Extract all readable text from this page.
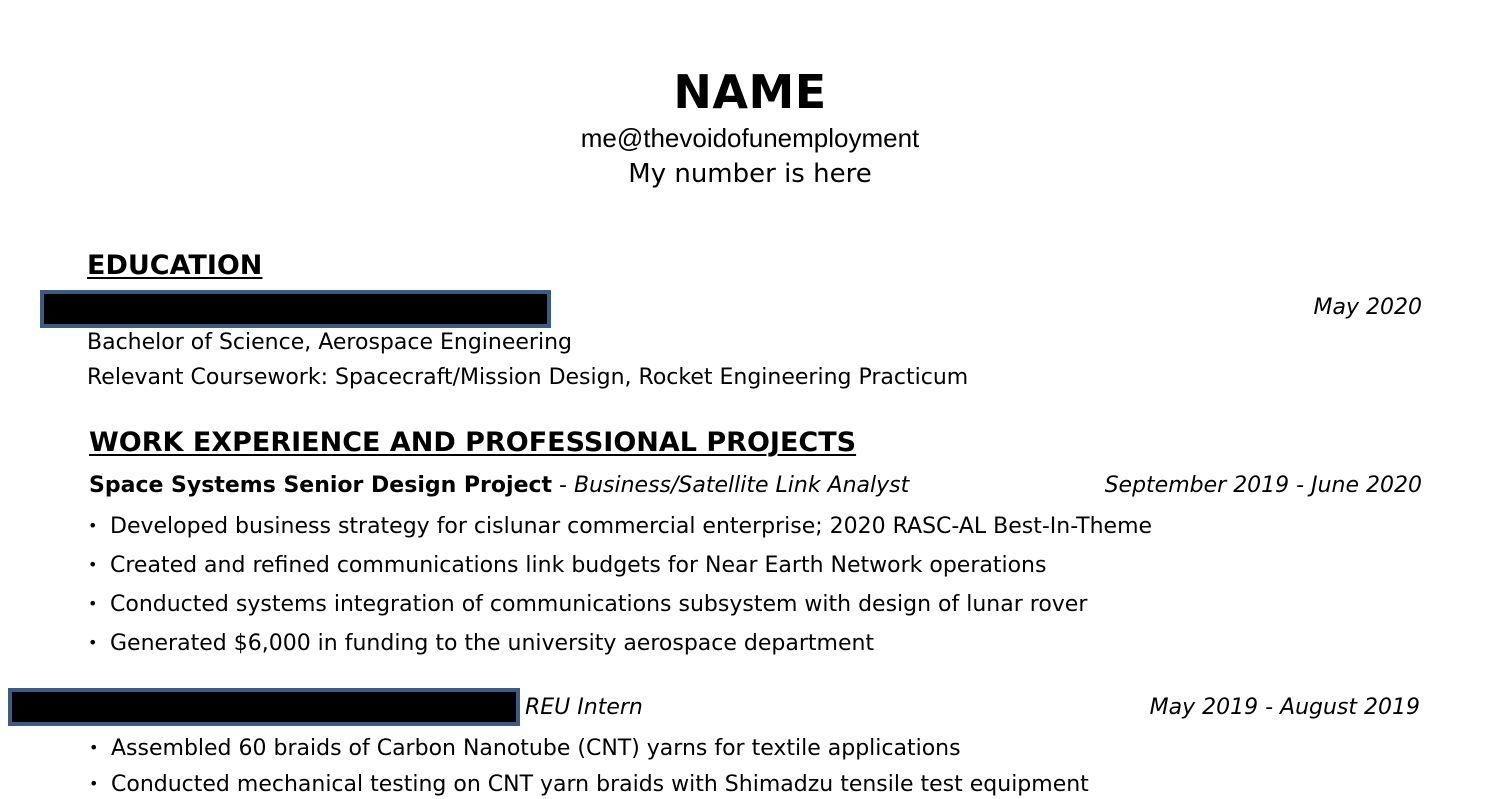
NAME
me@thevoidofunemployment
My number is here
EDUCATION
May 2020
Bachelor of Science, Aerospace Engineering
Relevant Coursework: Spacecraft/Mission Design, Rocket Engineering Practicum
WORK EXPERIENCE AND PROFESSIONAL PROJECTS
Space Systems Senior Design Project - Business/Satellite Link Analyst	September 2019 - June 2020
• Developed business strategy for cislunar commercial enterprise; 2020 RASC-AL Best-In-Theme
• Created and refined communications link budgets for Near Earth Network operations
• Conducted systems integration of communications subsystem with design of lunar rover
• Generated $6,000 in funding to the university aerospace department
REU Intern	May 2019 - August 2019
• Assembled 60 braids of Carbon Nanotube (CNT) yarns for textile applications
• Conducted mechanical testing on CNT yarn braids with Shimadzu tensile test equipment
